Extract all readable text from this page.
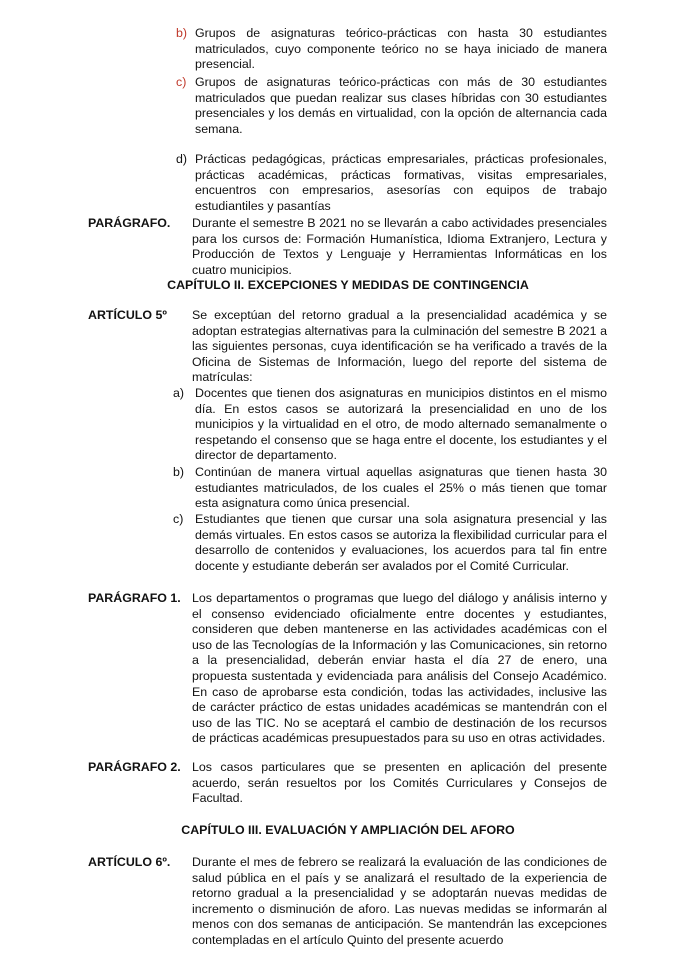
b) Grupos de asignaturas teórico-prácticas con hasta 30 estudiantes matriculados, cuyo componente teórico no se haya iniciado de manera presencial.
c) Grupos de asignaturas teórico-prácticas con más de 30 estudiantes matriculados que puedan realizar sus clases híbridas con 30 estudiantes presenciales y los demás en virtualidad, con la opción de alternancia cada semana.
d) Prácticas pedagógicas, prácticas empresariales, prácticas profesionales, prácticas académicas, prácticas formativas, visitas empresariales, encuentros con empresarios, asesorías con equipos de trabajo estudiantiles y pasantías
PARÁGRAFO. Durante el semestre B 2021 no se llevarán a cabo actividades presenciales para los cursos de: Formación Humanística, Idioma Extranjero, Lectura y Producción de Textos y Lenguaje y Herramientas Informáticas en los cuatro municipios.
CAPÍTULO II. EXCEPCIONES Y MEDIDAS DE CONTINGENCIA
ARTÍCULO 5º Se exceptúan del retorno gradual a la presencialidad académica y se adoptan estrategias alternativas para la culminación del semestre B 2021 a las siguientes personas, cuya identificación se ha verificado a través de la Oficina de Sistemas de Información, luego del reporte del sistema de matrículas:
a) Docentes que tienen dos asignaturas en municipios distintos en el mismo día. En estos casos se autorizará la presencialidad en uno de los municipios y la virtualidad en el otro, de modo alternado semanalmente o respetando el consenso que se haga entre el docente, los estudiantes y el director de departamento.
b) Continúan de manera virtual aquellas asignaturas que tienen hasta 30 estudiantes matriculados, de los cuales el 25% o más tienen que tomar esta asignatura como única presencial.
c) Estudiantes que tienen que cursar una sola asignatura presencial y las demás virtuales. En estos casos se autoriza la flexibilidad curricular para el desarrollo de contenidos y evaluaciones, los acuerdos para tal fin entre docente y estudiante deberán ser avalados por el Comité Curricular.
PARÁGRAFO 1. Los departamentos o programas que luego del diálogo y análisis interno y el consenso evidenciado oficialmente entre docentes y estudiantes, consideren que deben mantenerse en las actividades académicas con el uso de las Tecnologías de la Información y las Comunicaciones, sin retorno a la presencialidad, deberán enviar hasta el día 27 de enero, una propuesta sustentada y evidenciada para análisis del Consejo Académico. En caso de aprobarse esta condición, todas las actividades, inclusive las de carácter práctico de estas unidades académicas se mantendrán con el uso de las TIC. No se aceptará el cambio de destinación de los recursos de prácticas académicas presupuestados para su uso en otras actividades.
PARÁGRAFO 2. Los casos particulares que se presenten en aplicación del presente acuerdo, serán resueltos por los Comités Curriculares y Consejos de Facultad.
CAPÍTULO III. EVALUACIÓN Y AMPLIACIÓN DEL AFORO
ARTÍCULO 6º. Durante el mes de febrero se realizará la evaluación de las condiciones de salud pública en el país y se analizará el resultado de la experiencia de retorno gradual a la presencialidad y se adoptarán nuevas medidas de incremento o disminución de aforo. Las nuevas medidas se informarán al menos con dos semanas de anticipación. Se mantendrán las excepciones contempladas en el artículo Quinto del presente acuerdo
